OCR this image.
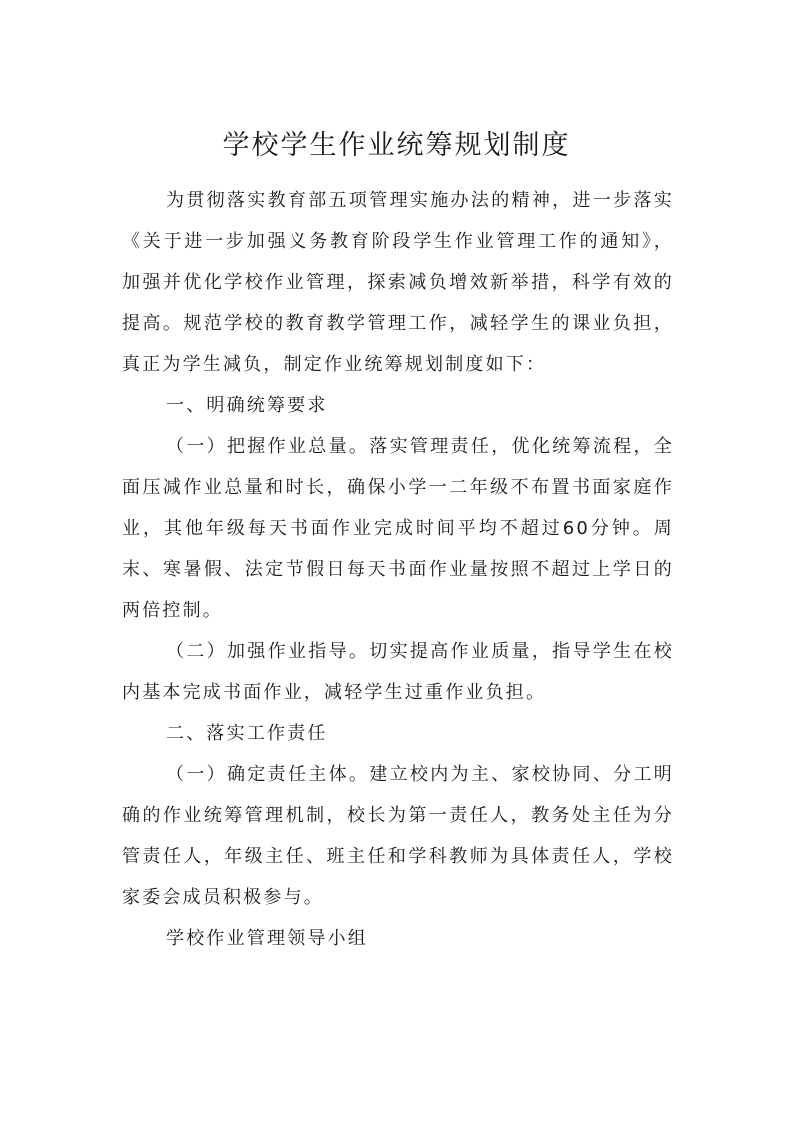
学校学生作业统筹规划制度

为贯彻落实教育部五项管理实施办法的精神，进一步落实《关于进一步加强义务教育阶段学生作业管理工作的通知》，加强并优化学校作业管理，探索减负增效新举措，科学有效的提高。规范学校的教育教学管理工作，减轻学生的课业负担，真正为学生减负，制定作业统筹规划制度如下：

一、明确统筹要求

（一）把握作业总量。落实管理责任，优化统筹流程，全面压减作业总量和时长，确保小学一二年级不布置书面家庭作业，其他年级每天书面作业完成时间平均不超过60分钟。周末、寒暑假、法定节假日每天书面作业量按照不超过上学日的两倍控制。

（二）加强作业指导。切实提高作业质量，指导学生在校内基本完成书面作业，减轻学生过重作业负担。

二、落实工作责任

（一）确定责任主体。建立校内为主、家校协同、分工明确的作业统筹管理机制，校长为第一责任人，教务处主任为分管责任人，年级主任、班主任和学科教师为具体责任人，学校家委会成员积极参与。

学校作业管理领导小组
